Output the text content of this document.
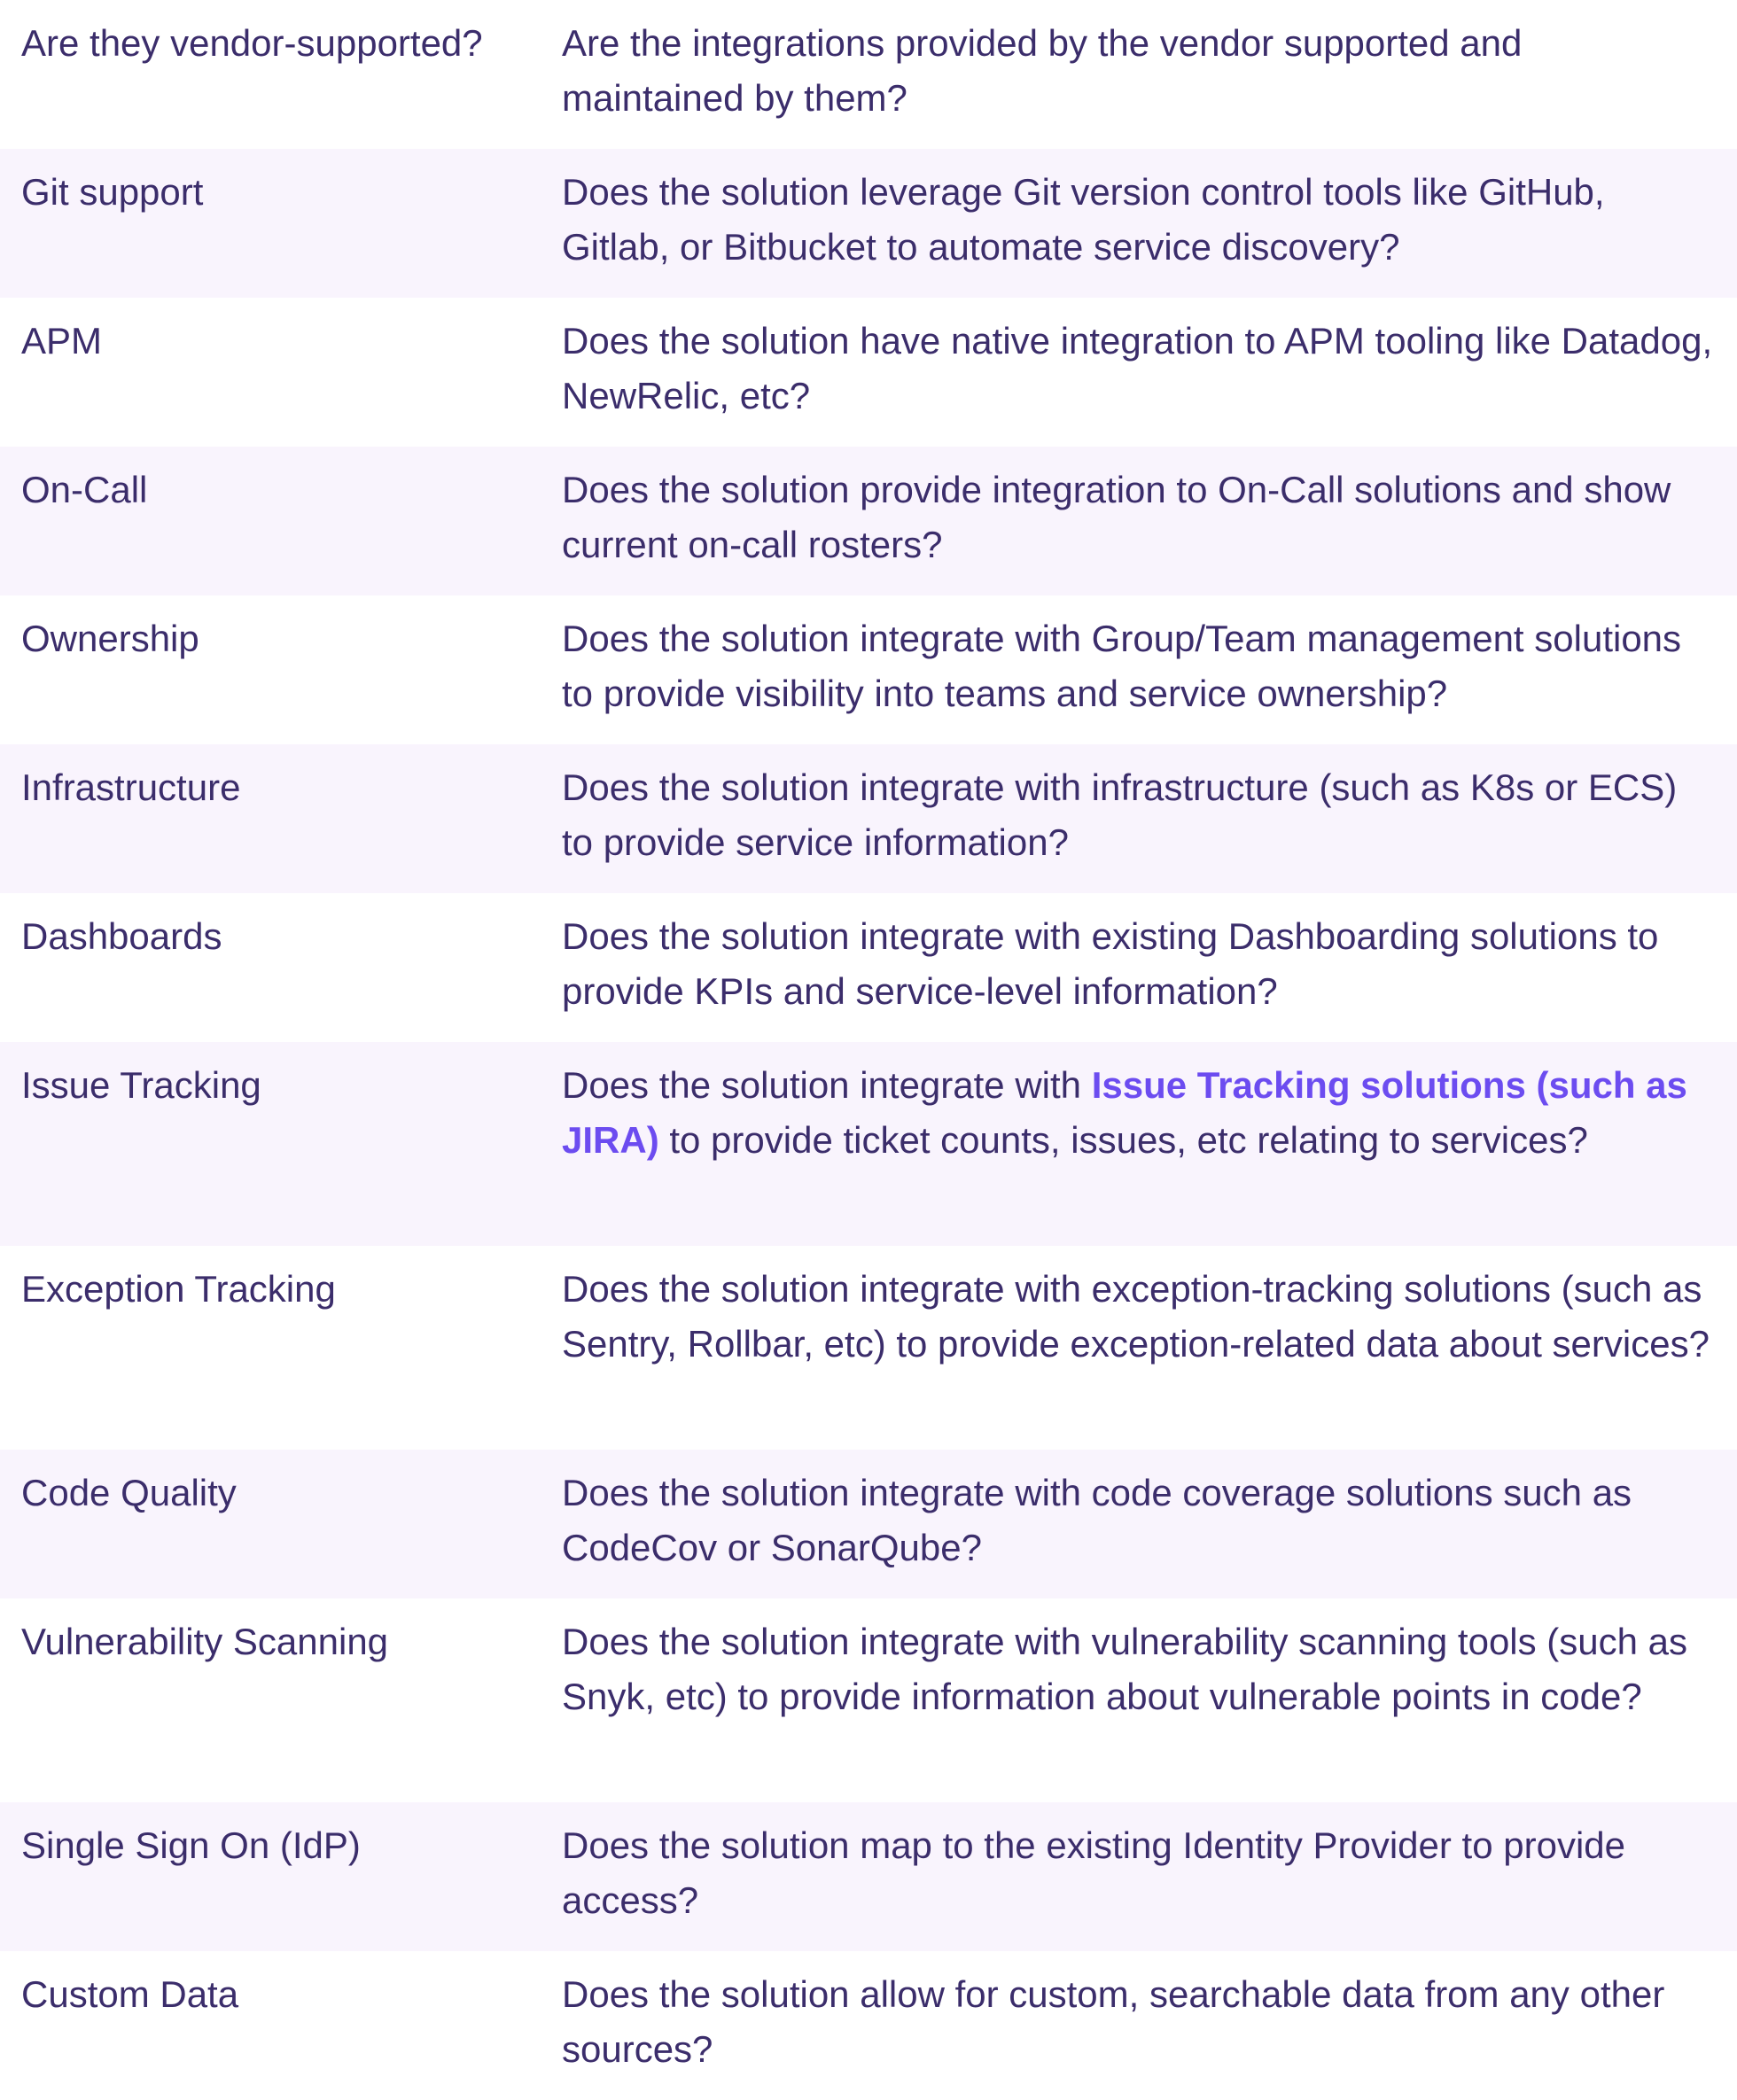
Are they vendor-supported?	Are the integrations provided by the vendor supported and maintained by them?
Git support	Does the solution leverage Git version control tools like GitHub, Gitlab, or Bitbucket to automate service discovery?
APM	Does the solution have native integration to APM tooling like Datadog, NewRelic, etc?
On-Call	Does the solution provide integration to On-Call solutions and show current on-call rosters?
Ownership	Does the solution integrate with Group/Team management solutions to provide visibility into teams and service ownership?
Infrastructure	Does the solution integrate with infrastructure (such as K8s or ECS) to provide service information?
Dashboards	Does the solution integrate with existing Dashboarding solutions to provide KPIs and service-level information?
Issue Tracking	Does the solution integrate with Issue Tracking solutions (such as JIRA) to provide ticket counts, issues, etc relating to services?
Exception Tracking	Does the solution integrate with exception-tracking solutions (such as Sentry, Rollbar, etc) to provide exception-related data about services?
Code Quality	Does the solution integrate with code coverage solutions such as CodeCov or SonarQube?
Vulnerability Scanning	Does the solution integrate with vulnerability scanning tools (such as Snyk, etc) to provide information about vulnerable points in code?
Single Sign On (IdP)	Does the solution map to the existing Identity Provider to provide access?
Custom Data	Does the solution allow for custom, searchable data from any other sources?
